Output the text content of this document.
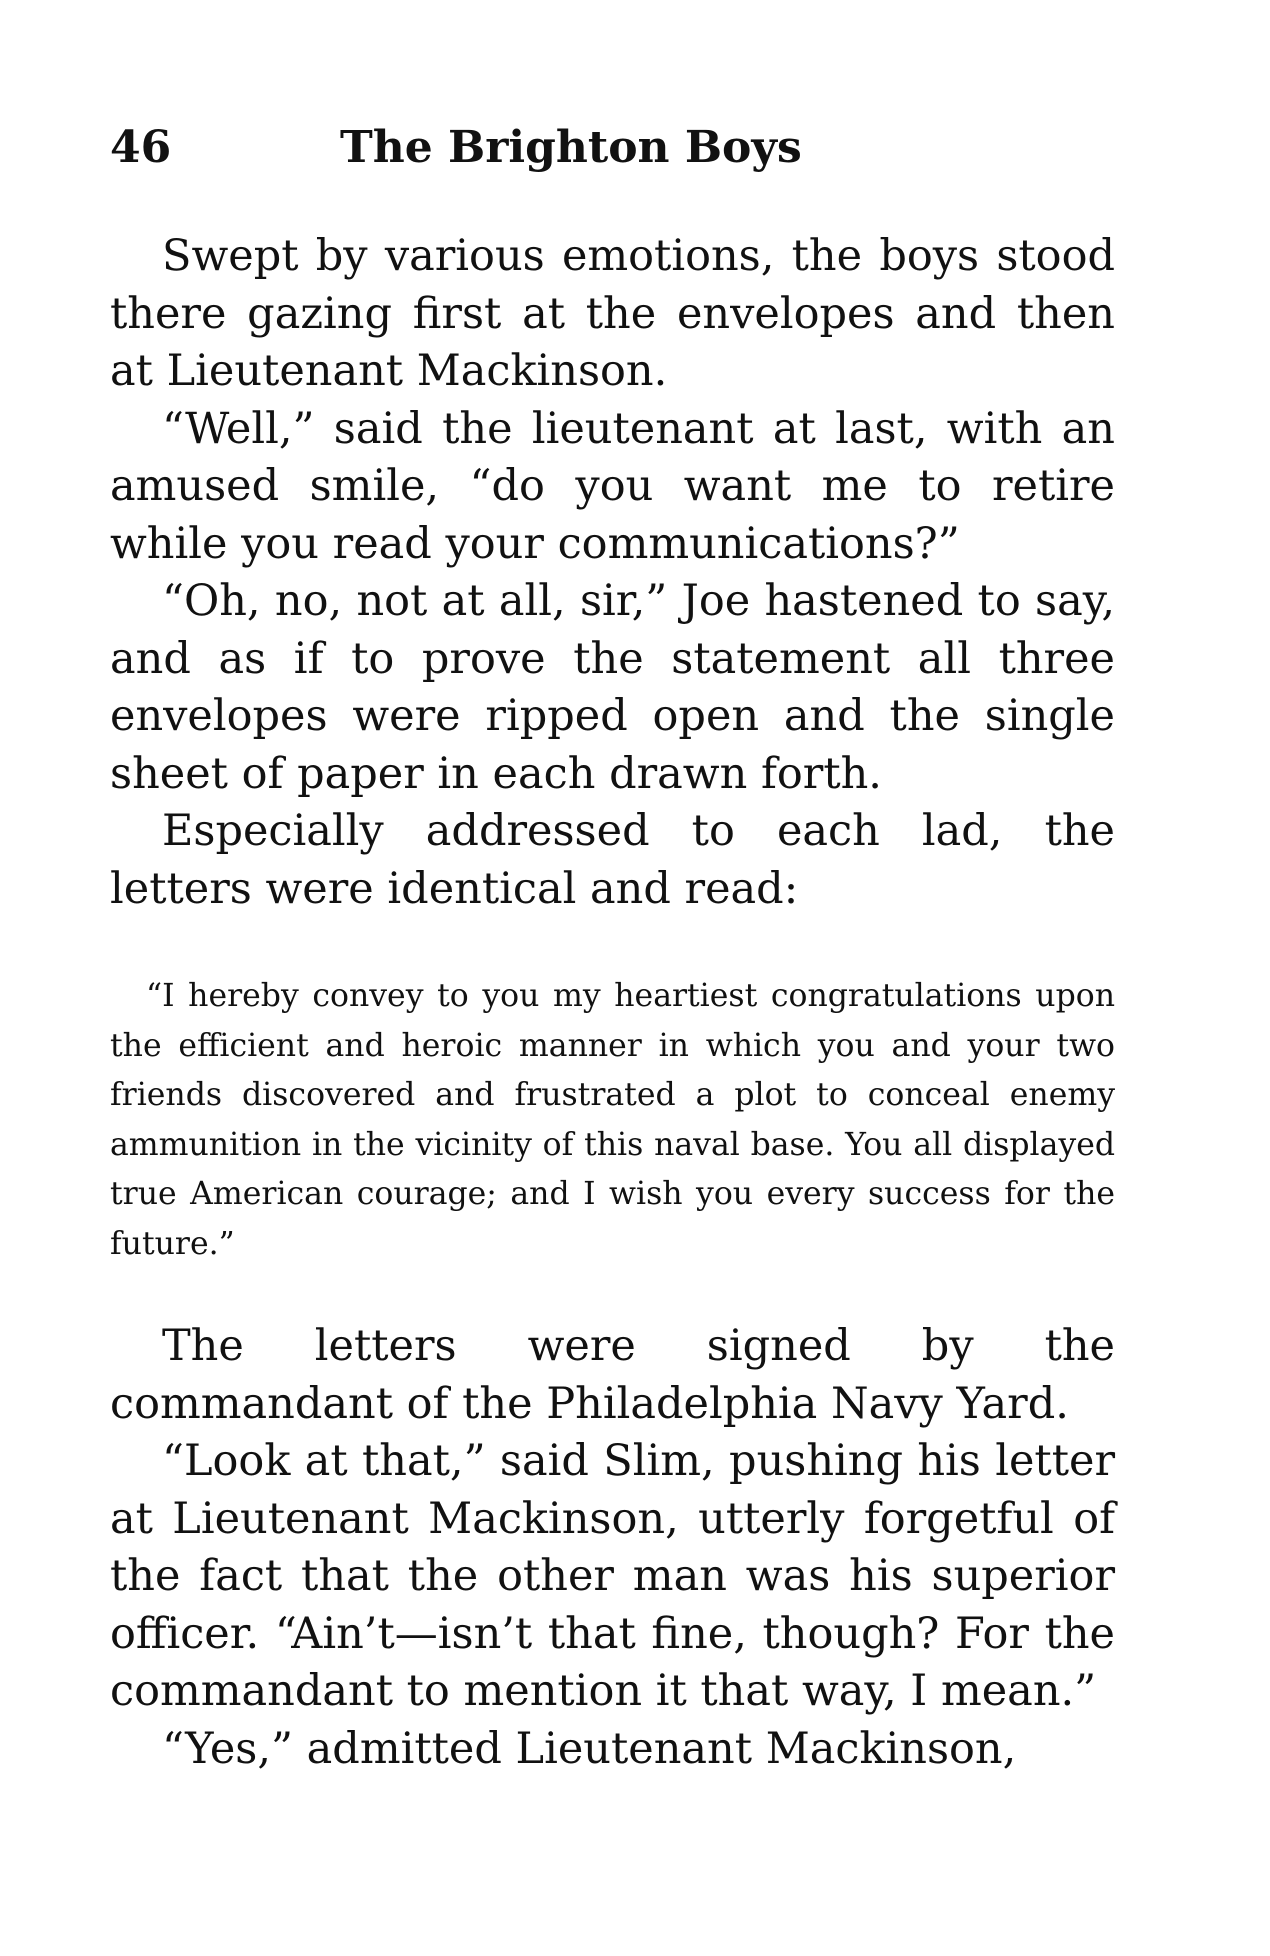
46	The Brighton Boys

Swept by various emotions, the boys stood there gazing first at the envelopes and then at Lieutenant Mackinson.

“Well,” said the lieutenant at last, with an amused smile, “do you want me to retire while you read your communications?”

“Oh, no, not at all, sir,” Joe hastened to say, and as if to prove the statement all three envelopes were ripped open and the single sheet of paper in each drawn forth.

Especially addressed to each lad, the letters were identical and read:

“I hereby convey to you my heartiest congratulations upon the efficient and heroic manner in which you and your two friends discovered and frustrated a plot to conceal enemy ammunition in the vicinity of this naval base. You all displayed true American courage; and I wish you every success for the future.”

The letters were signed by the commandant of the Philadelphia Navy Yard.

“Look at that,” said Slim, pushing his letter at Lieutenant Mackinson, utterly forgetful of the fact that the other man was his superior officer. “Ain’t—isn’t that fine, though? For the commandant to mention it that way, I mean.”

“Yes,” admitted Lieutenant Mackinson,
